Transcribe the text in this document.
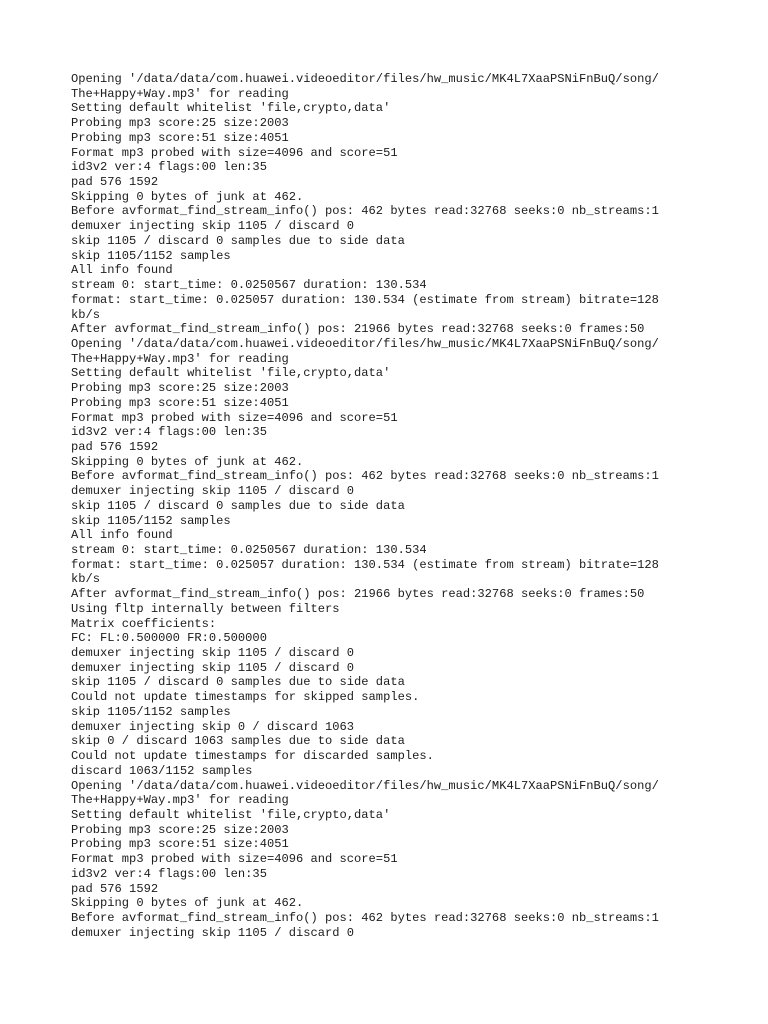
Opening '/data/data/com.huawei.videoeditor/files/hw_music/MK4L7XaaPSNiFnBuQ/song/
The+Happy+Way.mp3' for reading
Setting default whitelist 'file,crypto,data'
Probing mp3 score:25 size:2003
Probing mp3 score:51 size:4051
Format mp3 probed with size=4096 and score=51
id3v2 ver:4 flags:00 len:35
pad 576 1592
Skipping 0 bytes of junk at 462.
Before avformat_find_stream_info() pos: 462 bytes read:32768 seeks:0 nb_streams:1
demuxer injecting skip 1105 / discard 0
skip 1105 / discard 0 samples due to side data
skip 1105/1152 samples
All info found
stream 0: start_time: 0.0250567 duration: 130.534
format: start_time: 0.025057 duration: 130.534 (estimate from stream) bitrate=128
kb/s
After avformat_find_stream_info() pos: 21966 bytes read:32768 seeks:0 frames:50
Opening '/data/data/com.huawei.videoeditor/files/hw_music/MK4L7XaaPSNiFnBuQ/song/
The+Happy+Way.mp3' for reading
Setting default whitelist 'file,crypto,data'
Probing mp3 score:25 size:2003
Probing mp3 score:51 size:4051
Format mp3 probed with size=4096 and score=51
id3v2 ver:4 flags:00 len:35
pad 576 1592
Skipping 0 bytes of junk at 462.
Before avformat_find_stream_info() pos: 462 bytes read:32768 seeks:0 nb_streams:1
demuxer injecting skip 1105 / discard 0
skip 1105 / discard 0 samples due to side data
skip 1105/1152 samples
All info found
stream 0: start_time: 0.0250567 duration: 130.534
format: start_time: 0.025057 duration: 130.534 (estimate from stream) bitrate=128
kb/s
After avformat_find_stream_info() pos: 21966 bytes read:32768 seeks:0 frames:50
Using fltp internally between filters
Matrix coefficients:
FC: FL:0.500000 FR:0.500000
demuxer injecting skip 1105 / discard 0
demuxer injecting skip 1105 / discard 0
skip 1105 / discard 0 samples due to side data
Could not update timestamps for skipped samples.
skip 1105/1152 samples
demuxer injecting skip 0 / discard 1063
skip 0 / discard 1063 samples due to side data
Could not update timestamps for discarded samples.
discard 1063/1152 samples
Opening '/data/data/com.huawei.videoeditor/files/hw_music/MK4L7XaaPSNiFnBuQ/song/
The+Happy+Way.mp3' for reading
Setting default whitelist 'file,crypto,data'
Probing mp3 score:25 size:2003
Probing mp3 score:51 size:4051
Format mp3 probed with size=4096 and score=51
id3v2 ver:4 flags:00 len:35
pad 576 1592
Skipping 0 bytes of junk at 462.
Before avformat_find_stream_info() pos: 462 bytes read:32768 seeks:0 nb_streams:1
demuxer injecting skip 1105 / discard 0
